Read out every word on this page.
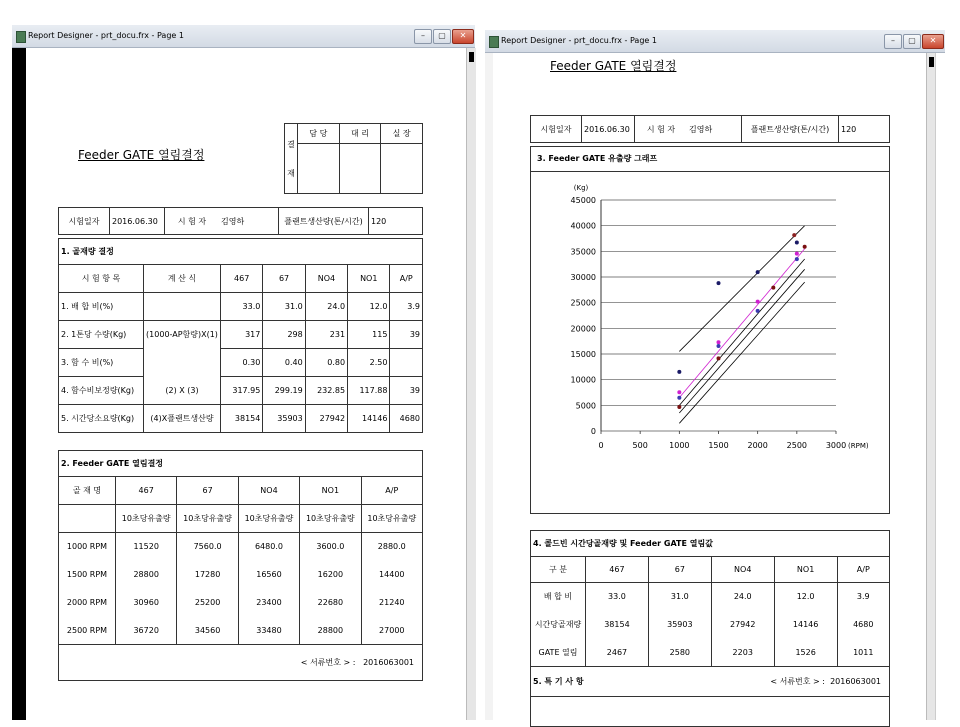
Report Designer - prt_docu.frx - Page 1	–	▢	✕
Feeder GATE 열림결정
결
재	담 당	대 리	실 장

시험일자	2016.06.30	시 험 자	김영하	플랜트생산량(톤/시간)	120
1. 골재량 결정						
시 험 항 목	계 산 식	467	67	NO4	NO1	A/P
1. 배 합 비(%)		33.0	31.0	24.0	12.0	3.9
2. 1톤당 수량(Kg)	(1000-AP함량)X(1)	317	298	231	115	39
3. 함 수 비(%)		0.30	0.40	0.80	2.50	
4. 함수비보정량(Kg)	(2) X (3)	317.95	299.19	232.85	117.88	39
5. 시간당소요량(Kg)	(4)X플랜트생산량	38154	35903	27942	14146	4680
2. Feeder GATE 열림결정					
골 재 명	467	67	NO4	NO1	A/P
	10초당유출량	10초당유출량	10초당유출량	10초당유출량	10초당유출량
1000 RPM	11520	7560.0	6480.0	3600.0	2880.0
1500 RPM	28800	17280	16560	16200	14400
2000 RPM	30960	25200	23400	22680	21240
2500 RPM	36720	34560	33480	28800	27000
< 서류번호 > : 2016063001					
Report Designer - prt_docu.frx - Page 1	–	▢	✕
Feeder GATE 열림결정
시험일자	2016.06.30	시 험 자	김영하	플랜트생산량(톤/시간)	120
3. Feeder GATE 유출량 그래프
0
5000
10000
15000
20000
25000
30000
35000
40000
45000
0	500	1000 1500 2000 2500 3000
(Kg)
(RPM)
4. 콜드빈 시간당골재량 및 Feeder GATE 열림값					
구 분	467	67	NO4	NO1	A/P
배 합 비	33.0	31.0	24.0	12.0	3.9
시간당골재량	38154	35903	27942	14146	4680
GATE 열림	2467	2580	2203	1526	1011
5. 특 기 사 항 < 서류번호 > : 2016063001					
